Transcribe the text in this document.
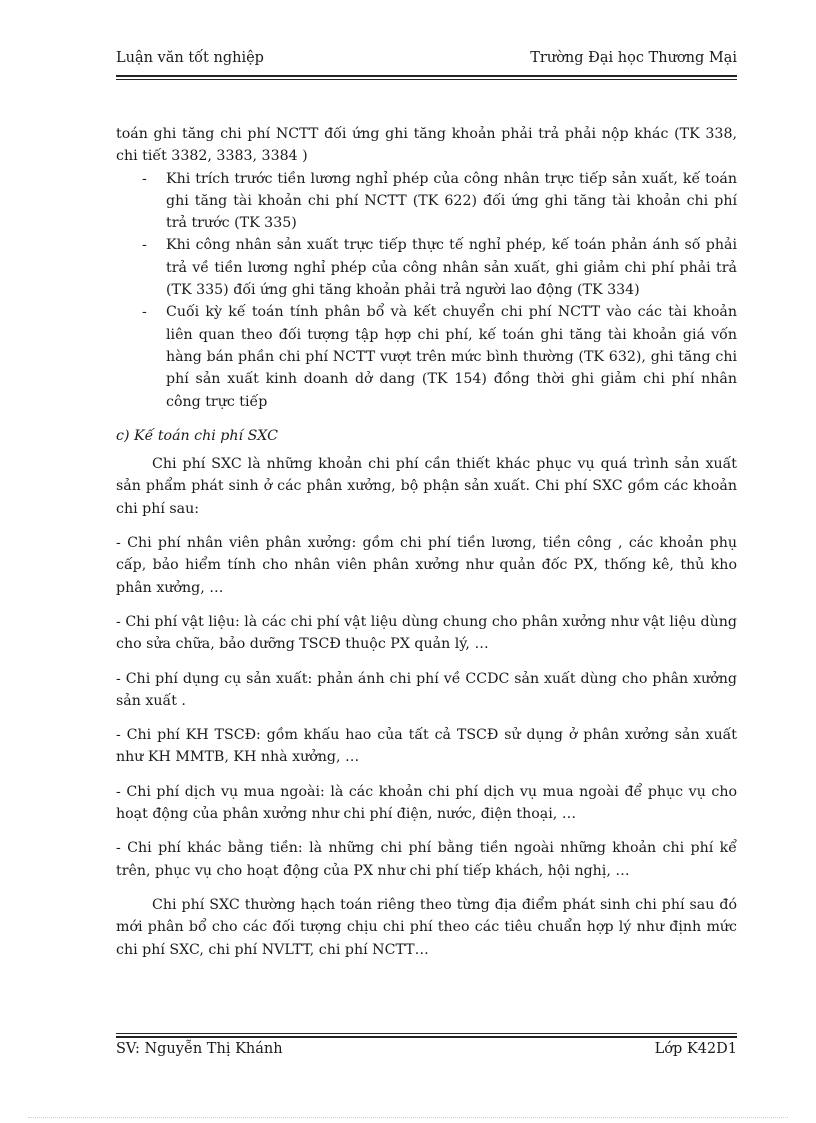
Luận văn tốt nghiệp	Trường Đại học Thương Mại

toán ghi tăng chi phí NCTT đối ứng ghi tăng khoản phải trả phải nộp khác (TK 338, chi tiết 3382, 3383, 3384 )

- Khi trích trước tiền lương nghỉ phép của công nhân trực tiếp sản xuất, kế toán ghi tăng tài khoản chi phí NCTT (TK 622) đối ứng ghi tăng tài khoản chi phí trả trước (TK 335)
- Khi công nhân sản xuất trực tiếp thực tế nghỉ phép, kế toán phản ánh số phải trả về tiền lương nghỉ phép của công nhân sản xuất, ghi giảm chi phí phải trả (TK 335) đối ứng ghi tăng khoản phải trả người lao động (TK 334)
- Cuối kỳ kế toán tính phân bổ và kết chuyển chi phí NCTT vào các tài khoản liên quan theo đối tượng tập hợp chi phí, kế toán ghi tăng tài khoản giá vốn hàng bán phần chi phí NCTT vượt trên mức bình thường (TK 632), ghi tăng chi phí sản xuất kinh doanh dở dang (TK 154) đồng thời ghi giảm chi phí nhân công trực tiếp

c) Kế toán chi phí SXC

Chi phí SXC là những khoản chi phí cần thiết khác phục vụ quá trình sản xuất sản phẩm phát sinh ở các phân xưởng, bộ phận sản xuất. Chi phí SXC gồm các khoản chi phí sau:

- Chi phí nhân viên phân xưởng: gồm chi phí tiền lương, tiền công , các khoản phụ cấp, bảo hiểm tính cho nhân viên phân xưởng như quản đốc PX, thống kê, thủ kho phân xưởng, …

- Chi phí vật liệu: là các chi phí vật liệu dùng chung cho phân xưởng như vật liệu dùng cho sửa chữa, bảo dưỡng TSCĐ thuộc PX quản lý, …

- Chi phí dụng cụ sản xuất: phản ánh chi phí về CCDC sản xuất dùng cho phân xưởng sản xuất .

- Chi phí KH TSCĐ: gồm khấu hao của tất cả TSCĐ sử dụng ở phân xưởng sản xuất như KH MMTB, KH nhà xưởng, …

- Chi phí dịch vụ mua ngoài: là các khoản chi phí dịch vụ mua ngoài để phục vụ cho hoạt động của phân xưởng như chi phí điện, nước, điện thoại, …

- Chi phí khác bằng tiền: là những chi phí bằng tiền ngoài những khoản chi phí kể trên, phục vụ cho hoạt động của PX như chi phí tiếp khách, hội nghị, …

Chi phí SXC thường hạch toán riêng theo từng địa điểm phát sinh chi phí sau đó mới phân bổ cho các đối tượng chịu chi phí theo các tiêu chuẩn hợp lý như định mức chi phí SXC, chi phí NVLTT, chi phí NCTT…

SV: Nguyễn Thị Khánh	Lớp K42D1
